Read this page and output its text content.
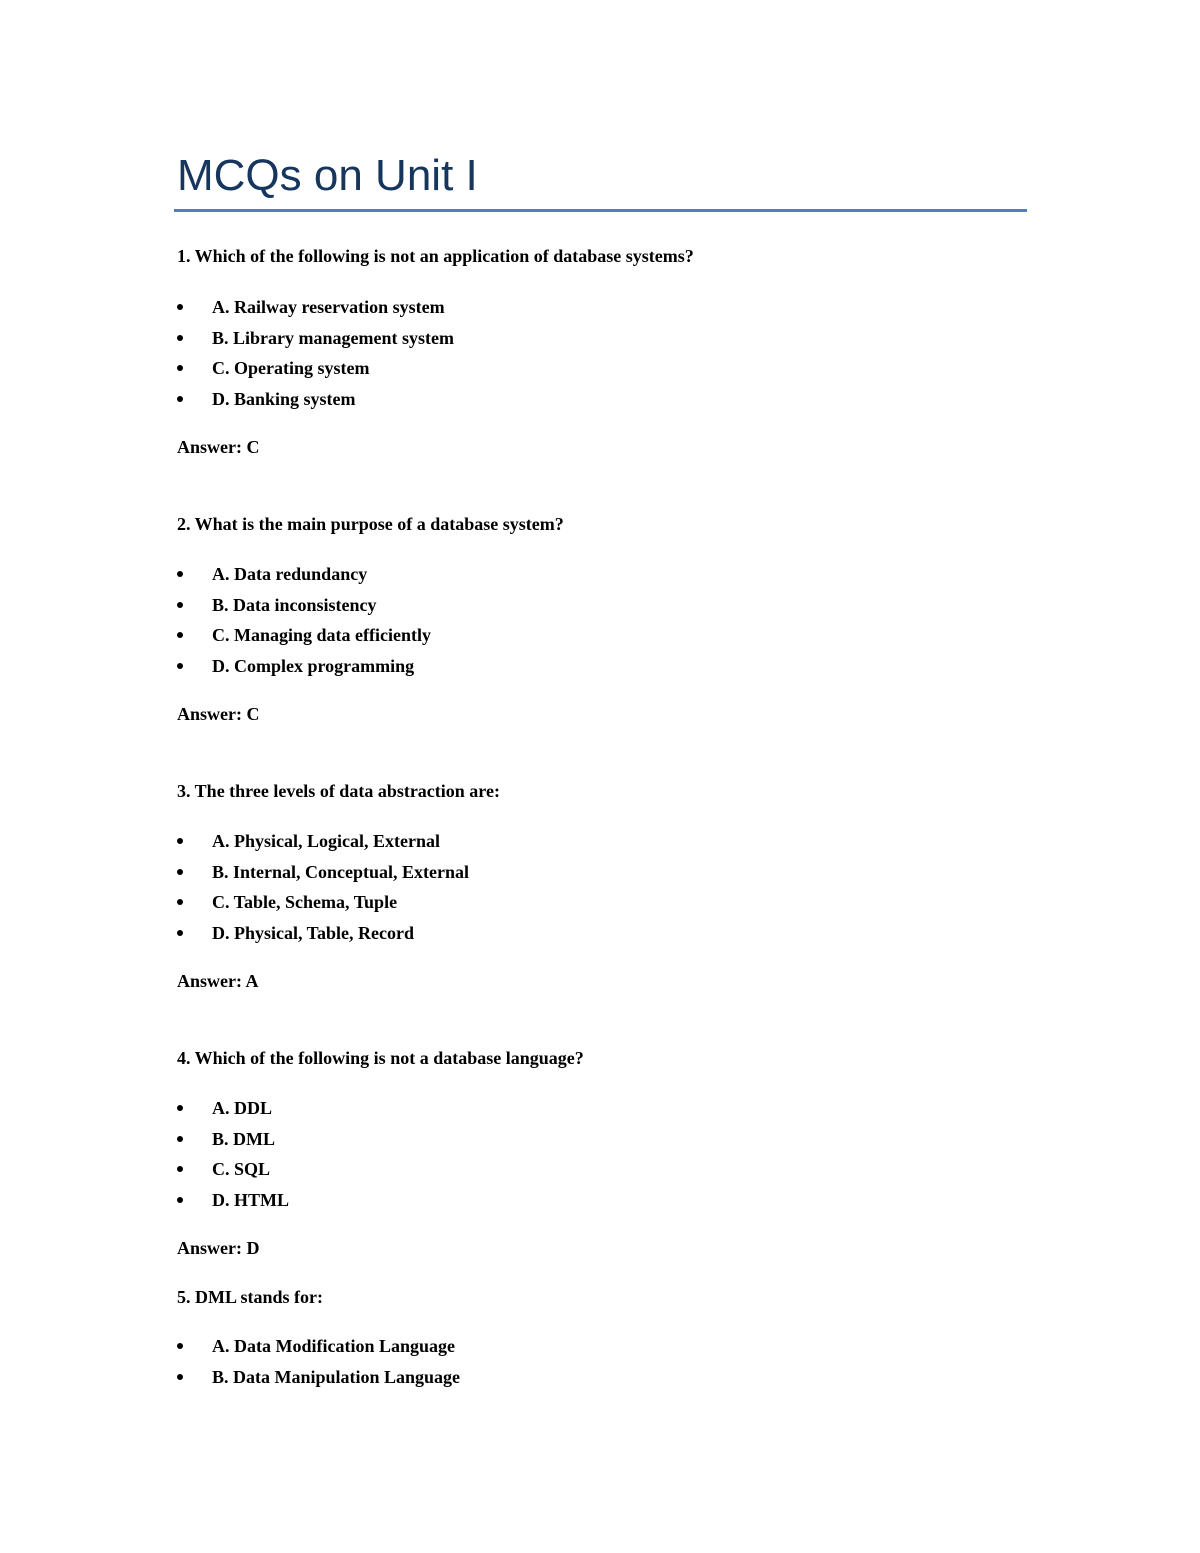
MCQs on Unit I
1. Which of the following is not an application of database systems?
A. Railway reservation system
B. Library management system
C. Operating system
D. Banking system
Answer: C
2. What is the main purpose of a database system?
A. Data redundancy
B. Data inconsistency
C. Managing data efficiently
D. Complex programming
Answer: C
3. The three levels of data abstraction are:
A. Physical, Logical, External
B. Internal, Conceptual, External
C. Table, Schema, Tuple
D. Physical, Table, Record
Answer: A
4. Which of the following is not a database language?
A. DDL
B. DML
C. SQL
D. HTML
Answer: D
5. DML stands for:
A. Data Modification Language
B. Data Manipulation Language
